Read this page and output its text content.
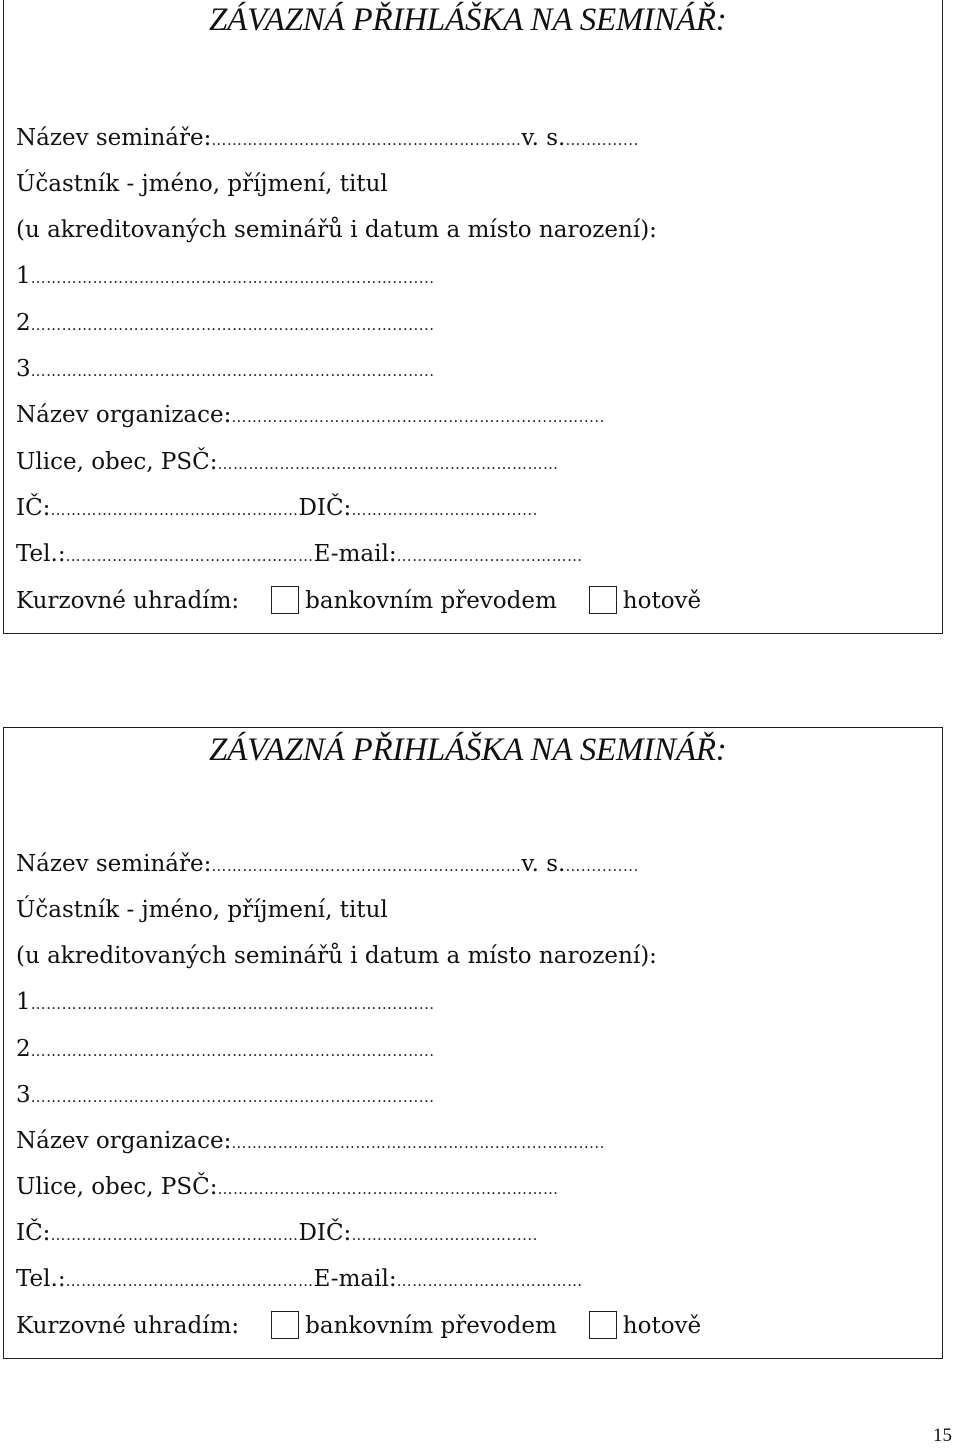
ZÁVAZNÁ PŘIHLÁŠKA NA SEMINÁŘ:
Název semináře:……………………………………………………v. s.…...........
Účastník - jméno, příjmení, titul
(u akreditovaných seminářů i datum a místo narození):
1……………………………………….……………………........
2……………………………………….……………………........
3……………………………………….……………………........
Název organizace:……………………………………………..........…….....
Ulice, obec, PSČ:…………………………………………………………
IČ:…………………………………………DIČ:…………………………......
Tel.:…………………………………………E-mail:………………………………
Kurzovné uhradím:	bankovním převodem	hotově
ZÁVAZNÁ PŘIHLÁŠKA NA SEMINÁŘ:
Název semináře:……………………………………………………v. s.…...........
Účastník - jméno, příjmení, titul
(u akreditovaných seminářů i datum a místo narození):
1……………………………………….……………………........
2……………………………………….……………………........
3……………………………………….……………………........
Název organizace:……………………………………………..........…….....
Ulice, obec, PSČ:…………………………………………………………
IČ:…………………………………………DIČ:…………………………......
Tel.:…………………………………………E-mail:………………………………
Kurzovné uhradím:	bankovním převodem	hotově
15
